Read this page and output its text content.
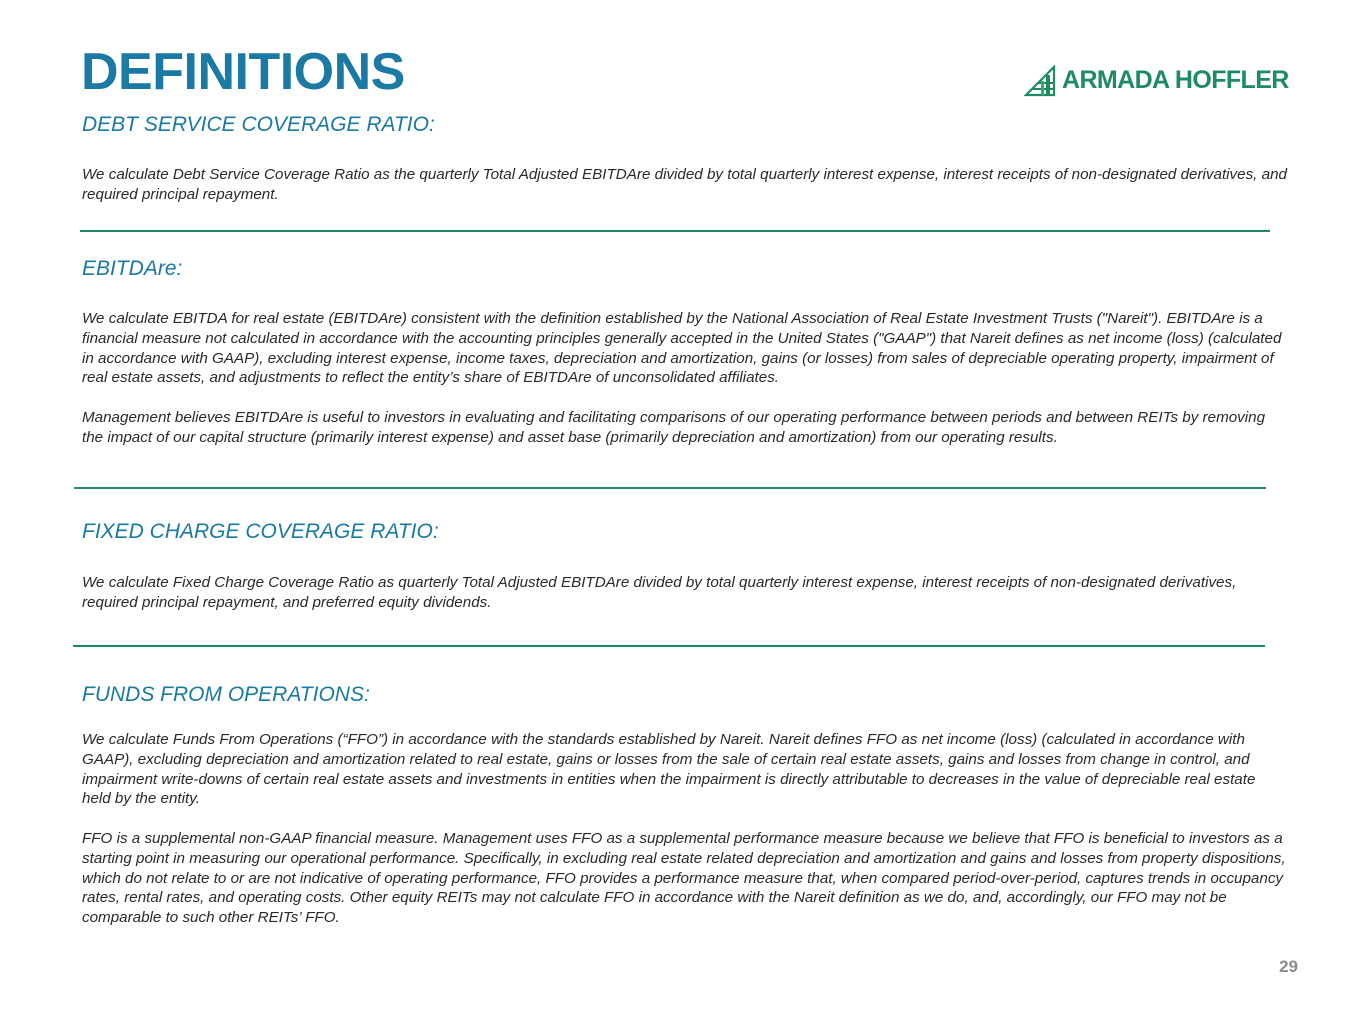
DEFINITIONS	ARMADA HOFFLER
DEBT SERVICE COVERAGE RATIO:

We calculate Debt Service Coverage Ratio as the quarterly Total Adjusted EBITDAre divided by total quarterly interest expense, interest receipts of non-designated derivatives, and required principal repayment.

EBITDAre:

We calculate EBITDA for real estate (EBITDAre) consistent with the definition established by the National Association of Real Estate Investment Trusts ("Nareit"). EBITDAre is a financial measure not calculated in accordance with the accounting principles generally accepted in the United States ("GAAP") that Nareit defines as net income (loss) (calculated in accordance with GAAP), excluding interest expense, income taxes, depreciation and amortization, gains (or losses) from sales of depreciable operating property, impairment of real estate assets, and adjustments to reflect the entity’s share of EBITDAre of unconsolidated affiliates.

Management believes EBITDAre is useful to investors in evaluating and facilitating comparisons of our operating performance between periods and between REITs by removing the impact of our capital structure (primarily interest expense) and asset base (primarily depreciation and amortization) from our operating results.

FIXED CHARGE COVERAGE RATIO:

We calculate Fixed Charge Coverage Ratio as quarterly Total Adjusted EBITDAre divided by total quarterly interest expense, interest receipts of non-designated derivatives, required principal repayment, and preferred equity dividends.

FUNDS FROM OPERATIONS:

We calculate Funds From Operations (“FFO”) in accordance with the standards established by Nareit. Nareit defines FFO as net income (loss) (calculated in accordance with GAAP), excluding depreciation and amortization related to real estate, gains or losses from the sale of certain real estate assets, gains and losses from change in control, and impairment write-downs of certain real estate assets and investments in entities when the impairment is directly attributable to decreases in the value of depreciable real estate held by the entity.

FFO is a supplemental non-GAAP financial measure. Management uses FFO as a supplemental performance measure because we believe that FFO is beneficial to investors as a starting point in measuring our operational performance. Specifically, in excluding real estate related depreciation and amortization and gains and losses from property dispositions, which do not relate to or are not indicative of operating performance, FFO provides a performance measure that, when compared period-over-period, captures trends in occupancy rates, rental rates, and operating costs. Other equity REITs may not calculate FFO in accordance with the Nareit definition as we do, and, accordingly, our FFO may not be comparable to such other REITs’ FFO.

29
